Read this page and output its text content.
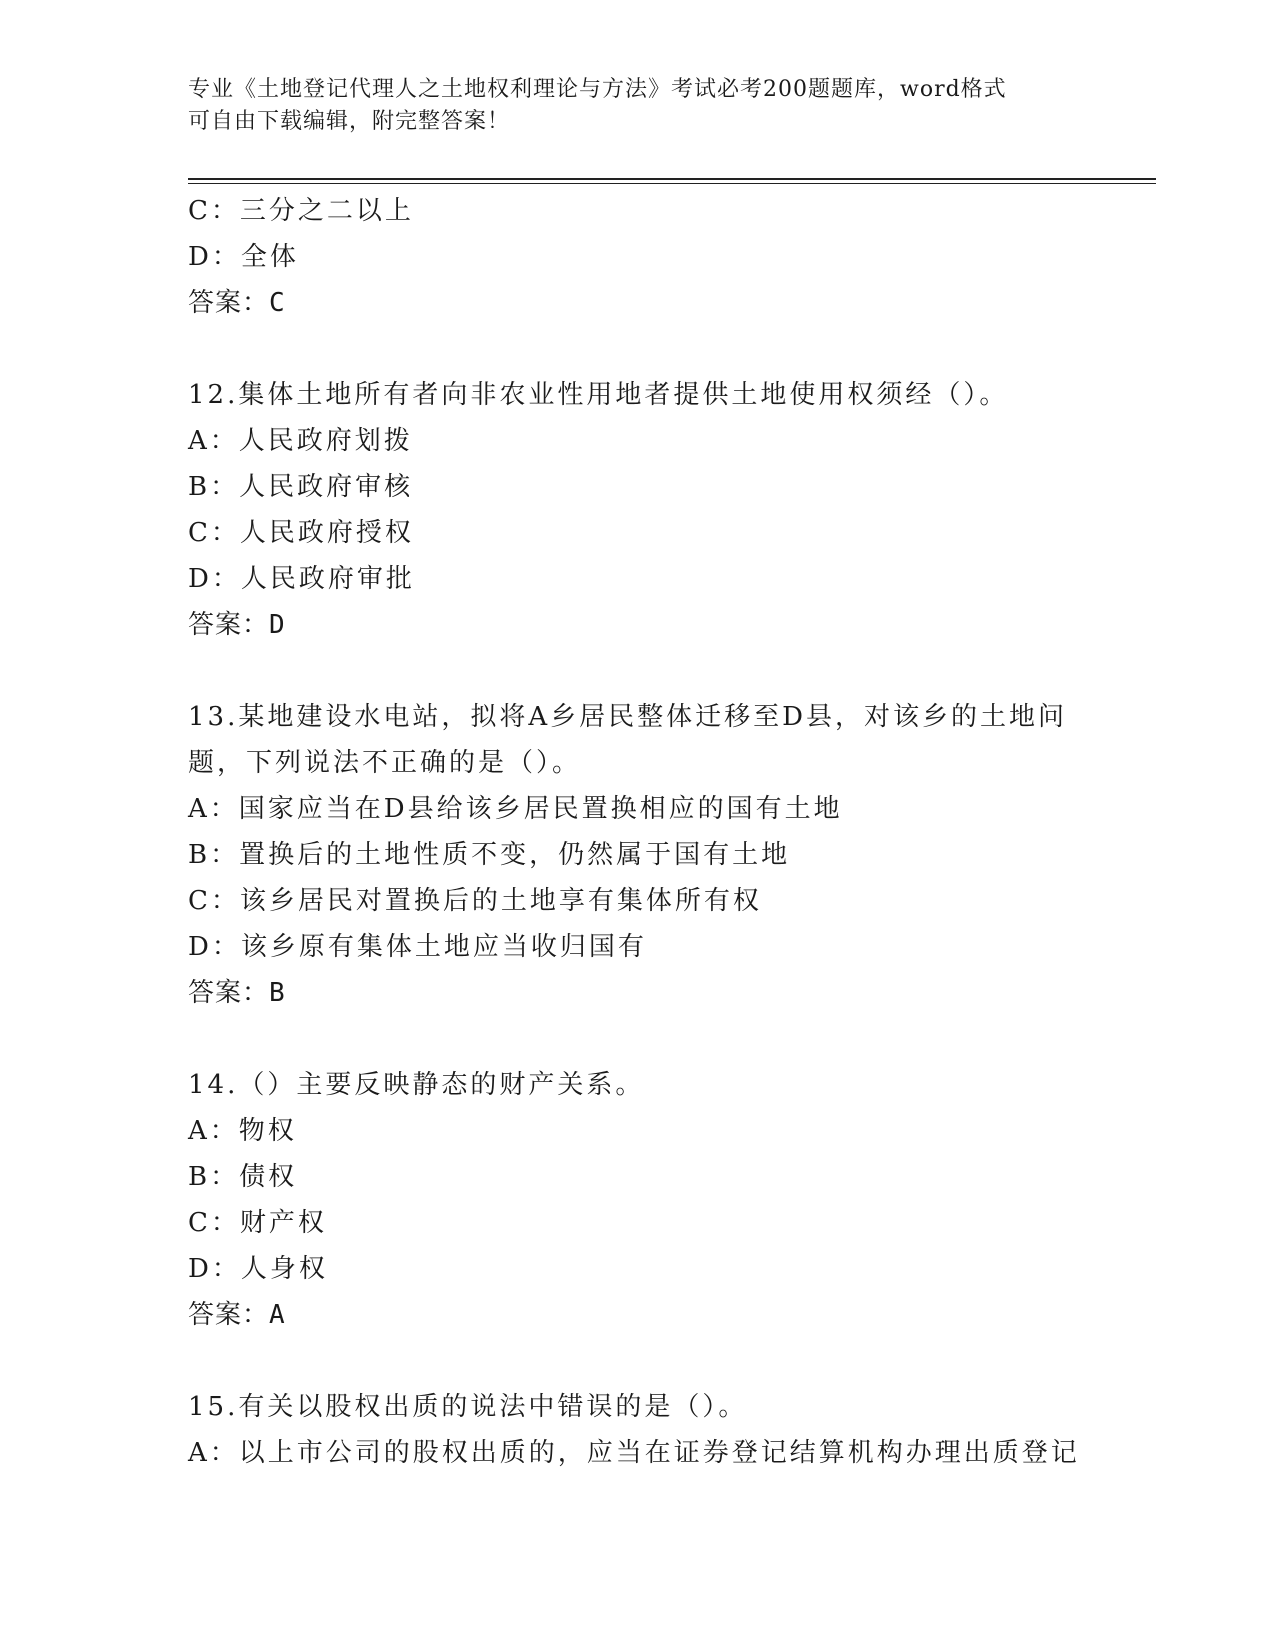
专业《土地登记代理人之土地权利理论与方法》考试必考200题题库，word格式
可自由下载编辑，附完整答案！
C：三分之二以上
D：全体
答案：C
12.集体土地所有者向非农业性用地者提供土地使用权须经（）。
A：人民政府划拨
B：人民政府审核
C：人民政府授权
D：人民政府审批
答案：D
13.某地建设水电站，拟将A乡居民整体迁移至D县，对该乡的土地问
题，下列说法不正确的是（）。
A：国家应当在D县给该乡居民置换相应的国有土地
B：置换后的土地性质不变，仍然属于国有土地
C：该乡居民对置换后的土地享有集体所有权
D：该乡原有集体土地应当收归国有
答案：B
14.（）主要反映静态的财产关系。
A：物权
B：债权
C：财产权
D：人身权
答案：A
15.有关以股权出质的说法中错误的是（）。
A：以上市公司的股权出质的，应当在证券登记结算机构办理出质登记
